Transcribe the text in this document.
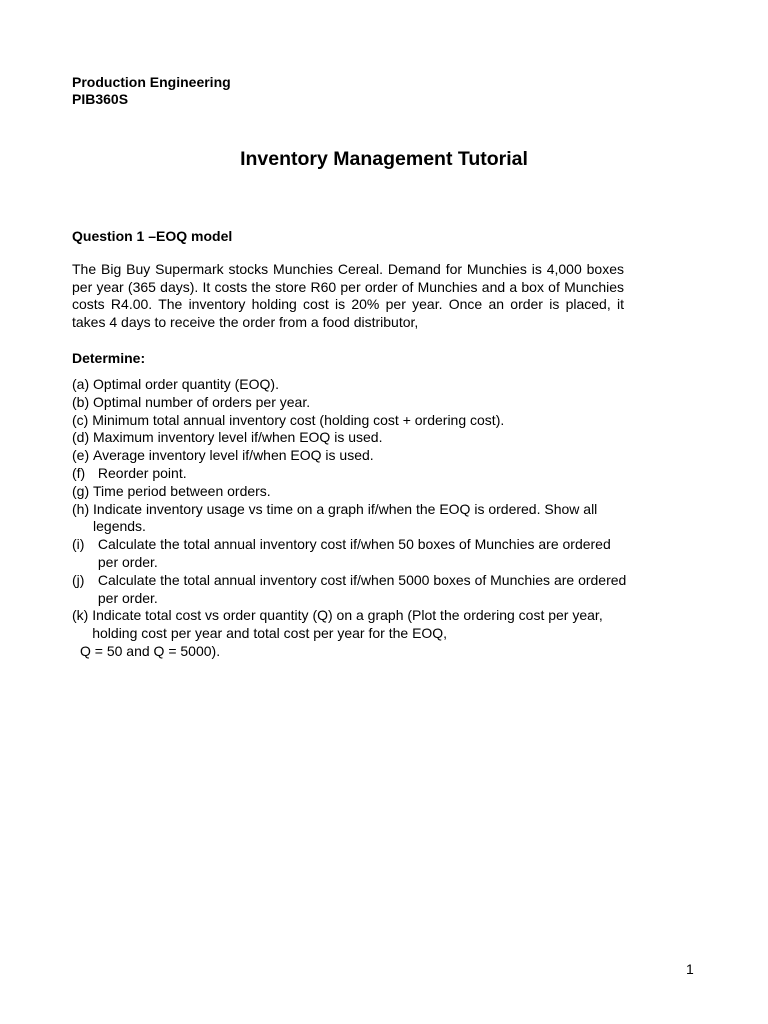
Production Engineering
PIB360S
Inventory Management Tutorial
Question 1 –EOQ model
The Big Buy Supermark stocks Munchies Cereal. Demand for Munchies is 4,000 boxes per year (365 days). It costs the store R60 per order of Munchies and a box of Munchies costs R4.00. The inventory holding cost is 20% per year. Once an order is placed, it takes 4 days to receive the order from a food distributor,
Determine:
(a)
Optimal order quantity (EOQ).
(b)
Optimal number of orders per year.
(c)
Minimum total annual inventory cost (holding cost + ordering cost).
(d)
Maximum inventory level if/when EOQ is used.
(e)
Average inventory level if/when EOQ is used.
(f)
Reorder point.
(g)
Time period between orders.
(h)
Indicate inventory usage vs time on a graph if/when the EOQ is ordered. Show all legends.
(i)
Calculate the total annual inventory cost if/when 50 boxes of Munchies are ordered per order.
(j)
Calculate the total annual inventory cost if/when 5000 boxes of Munchies are ordered per order.
(k)
Indicate total cost vs order quantity (Q) on a graph (Plot the ordering cost per year, holding cost per year and total cost per year for the EOQ,
Q = 50 and Q = 5000).
1
